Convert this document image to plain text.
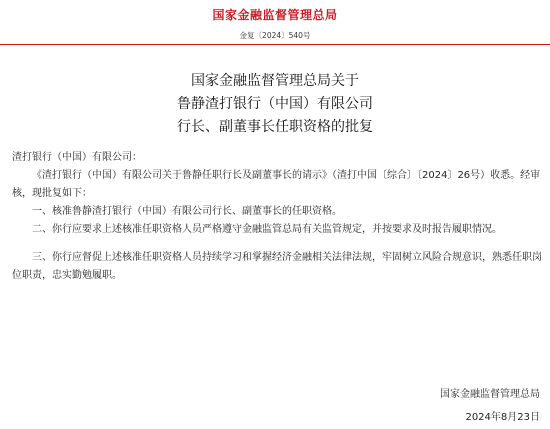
国家金融监督管理总局
金复〔2024〕540号
国家金融监督管理总局关于
鲁静渣打银行（中国）有限公司
行长、副董事长任职资格的批复

渣打银行（中国）有限公司：

《渣打银行（中国）有限公司关于鲁静任职行长及副董事长的请示》（渣打中国〔综合〕〔2024〕26号）收悉。经审核，现批复如下：

一、核准鲁静渣打银行（中国）有限公司行长、副董事长的任职资格。

二、你行应要求上述核准任职资格人员严格遵守金融监管总局有关监管规定，并按要求及时报告履职情况。

三、你行应督促上述核准任职资格人员持续学习和掌握经济金融相关法律法规，牢固树立风险合规意识，熟悉任职岗位职责，忠实勤勉履职。

国家金融监督管理总局
2024年8月23日
